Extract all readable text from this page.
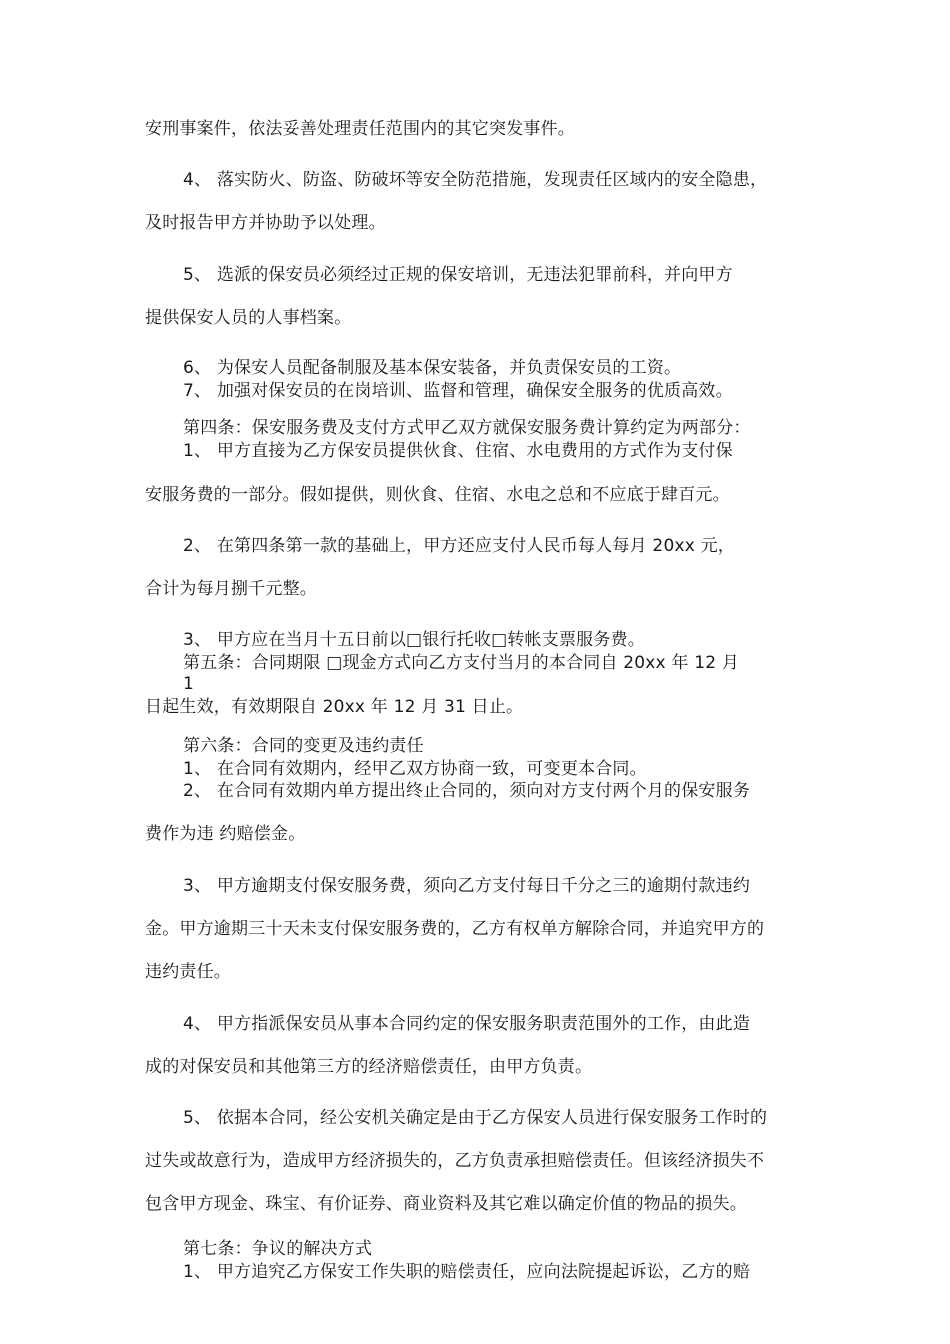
安刑事案件，依法妥善处理责任范围内的其它突发事件。
4、 落实防火、防盗、防破坏等安全防范措施，发现责任区域内的安全隐患，
及时报告甲方并协助予以处理。
5、 选派的保安员必须经过正规的保安培训，无违法犯罪前科，并向甲方
提供保安人员的人事档案。
6、 为保安人员配备制服及基本保安装备，并负责保安员的工资。
7、 加强对保安员的在岗培训、监督和管理，确保安全服务的优质高效。
第四条：保安服务费及支付方式甲乙双方就保安服务费计算约定为两部分：
1、 甲方直接为乙方保安员提供伙食、住宿、水电费用的方式作为支付保
安服务费的一部分。假如提供，则伙食、住宿、水电之总和不应底于肆百元。
2、 在第四条第一款的基础上，甲方还应支付人民币每人每月 20xx 元，
合计为每月捌千元整。
3、 甲方应在当月十五日前以□银行托收□转帐支票服务费。
第五条：合同期限 □现金方式向乙方支付当月的本合同自 20xx 年 12 月
1
日起生效，有效期限自 20xx 年 12 月 31 日止。
第六条：合同的变更及违约责任
1、 在合同有效期内，经甲乙双方协商一致，可变更本合同。
2、 在合同有效期内单方提出终止合同的，须向对方支付两个月的保安服务
费作为违 约赔偿金。
3、 甲方逾期支付保安服务费，须向乙方支付每日千分之三的逾期付款违约
金。甲方逾期三十天未支付保安服务费的，乙方有权单方解除合同，并追究甲方的
违约责任。
4、 甲方指派保安员从事本合同约定的保安服务职责范围外的工作，由此造
成的对保安员和其他第三方的经济赔偿责任，由甲方负责。
5、 依据本合同，经公安机关确定是由于乙方保安人员进行保安服务工作时的
过失或故意行为，造成甲方经济损失的，乙方负责承担赔偿责任。但该经济损失不
包含甲方现金、珠宝、有价证券、商业资料及其它难以确定价值的物品的损失。
第七条：争议的解决方式
1、 甲方追究乙方保安工作失职的赔偿责任，应向法院提起诉讼，乙方的赔
